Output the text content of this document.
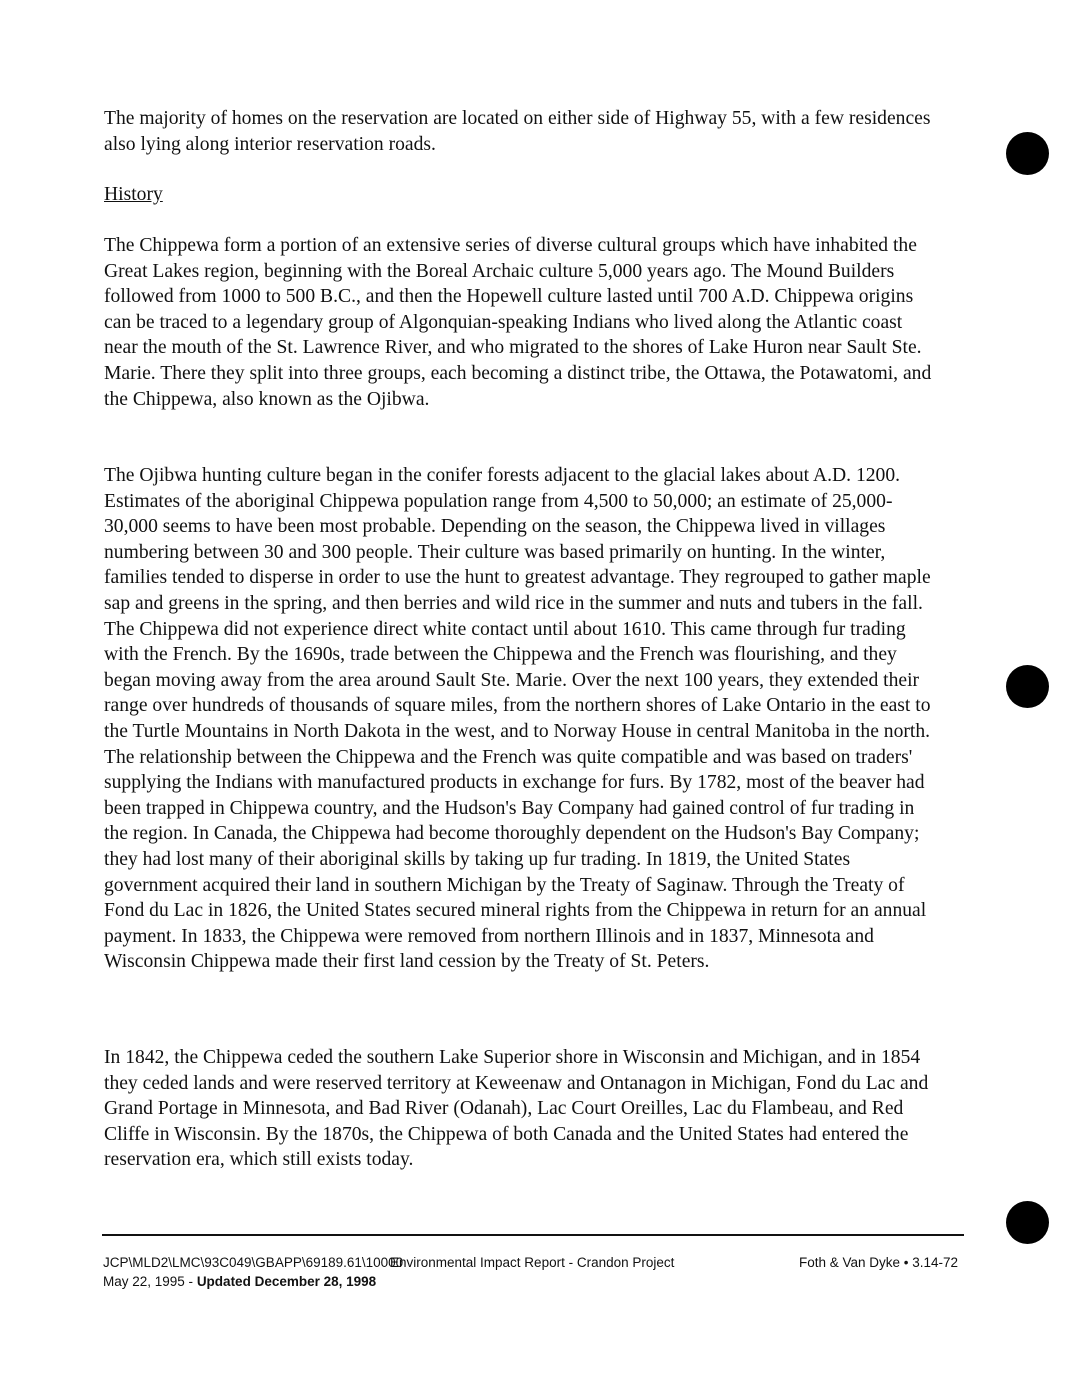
The majority of homes on the reservation are located on either side of Highway 55, with a few residences also lying along interior reservation roads.

History

The Chippewa form a portion of an extensive series of diverse cultural groups which have inhabited the Great Lakes region, beginning with the Boreal Archaic culture 5,000 years ago. The Mound Builders followed from 1000 to 500 B.C., and then the Hopewell culture lasted until 700 A.D. Chippewa origins can be traced to a legendary group of Algonquian-speaking Indians who lived along the Atlantic coast near the mouth of the St. Lawrence River, and who migrated to the shores of Lake Huron near Sault Ste. Marie. There they split into three groups, each becoming a distinct tribe, the Ottawa, the Potawatomi, and the Chippewa, also known as the Ojibwa.

The Ojibwa hunting culture began in the conifer forests adjacent to the glacial lakes about A.D. 1200. Estimates of the aboriginal Chippewa population range from 4,500 to 50,000; an estimate of 25,000-30,000 seems to have been most probable. Depending on the season, the Chippewa lived in villages numbering between 30 and 300 people. Their culture was based primarily on hunting. In the winter, families tended to disperse in order to use the hunt to greatest advantage. They regrouped to gather maple sap and greens in the spring, and then berries and wild rice in the summer and nuts and tubers in the fall. The Chippewa did not experience direct white contact until about 1610. This came through fur trading with the French. By the 1690s, trade between the Chippewa and the French was flourishing, and they began moving away from the area around Sault Ste. Marie. Over the next 100 years, they extended their range over hundreds of thousands of square miles, from the northern shores of Lake Ontario in the east to the Turtle Mountains in North Dakota in the west, and to Norway House in central Manitoba in the north. The relationship between the Chippewa and the French was quite compatible and was based on traders' supplying the Indians with manufactured products in exchange for furs. By 1782, most of the beaver had been trapped in Chippewa country, and the Hudson's Bay Company had gained control of fur trading in the region. In Canada, the Chippewa had become thoroughly dependent on the Hudson's Bay Company; they had lost many of their aboriginal skills by taking up fur trading. In 1819, the United States government acquired their land in southern Michigan by the Treaty of Saginaw. Through the Treaty of Fond du Lac in 1826, the United States secured mineral rights from the Chippewa in return for an annual payment. In 1833, the Chippewa were removed from northern Illinois and in 1837, Minnesota and Wisconsin Chippewa made their first land cession by the Treaty of St. Peters.

In 1842, the Chippewa ceded the southern Lake Superior shore in Wisconsin and Michigan, and in 1854 they ceded lands and were reserved territory at Keweenaw and Ontanagon in Michigan, Fond du Lac and Grand Portage in Minnesota, and Bad River (Odanah), Lac Court Oreilles, Lac du Flambeau, and Red Cliffe in Wisconsin. By the 1870s, the Chippewa of both Canada and the United States had entered the reservation era, which still exists today.

JCP\MLD2\LMC\93C049\GBAPP\69189.61\10000
May 22, 1995 - Updated December 28, 1998
Environmental Impact Report - Crandon Project	Foth & Van Dyke • 3.14-72
